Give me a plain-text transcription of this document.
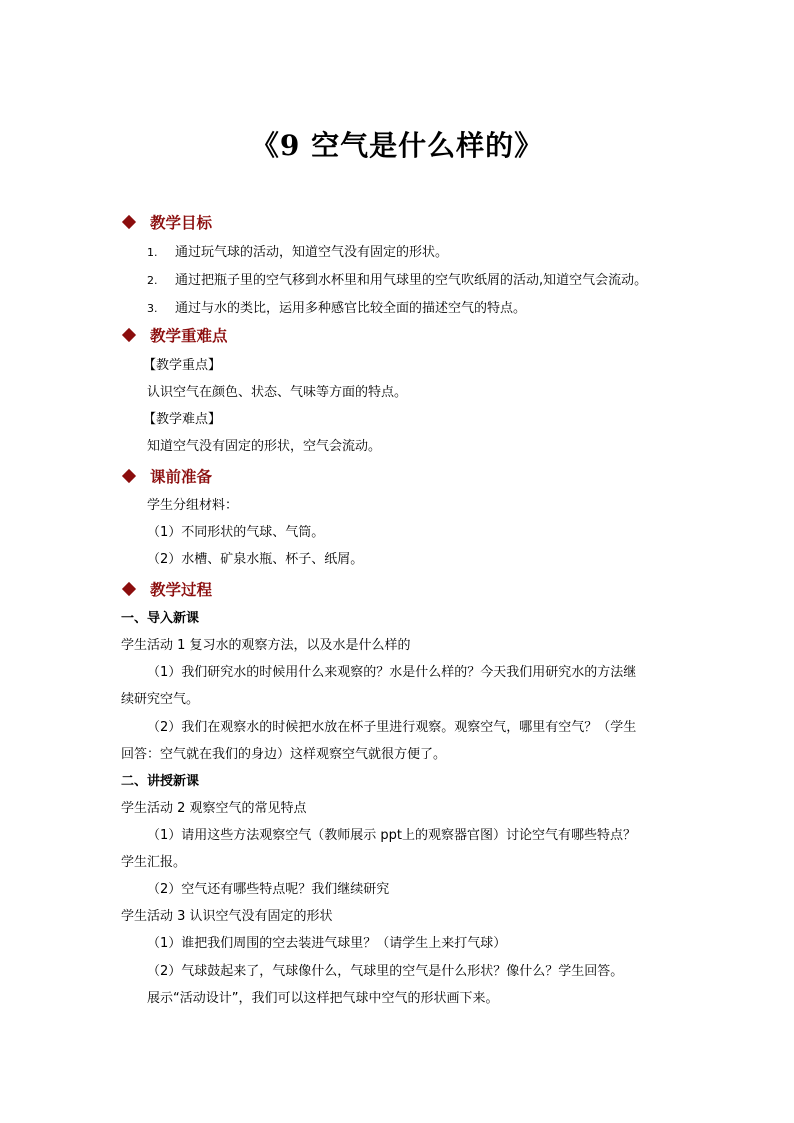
《9 空气是什么样的》
教学目标
1. 通过玩气球的活动，知道空气没有固定的形状。
2. 通过把瓶子里的空气移到水杯里和用气球里的空气吹纸屑的活动,知道空气会流动。
3. 通过与水的类比，运用多种感官比较全面的描述空气的特点。
教学重难点
【教学重点】
认识空气在颜色、状态、气味等方面的特点。
【教学难点】
知道空气没有固定的形状，空气会流动。
课前准备
学生分组材料：
（1）不同形状的气球、气筒。
（2）水槽、矿泉水瓶、杯子、纸屑。
教学过程
一、导入新课
学生活动 1 复习水的观察方法，以及水是什么样的
（1）我们研究水的时候用什么来观察的？水是什么样的？今天我们用研究水的方法继
续研究空气。
（2）我们在观察水的时候把水放在杯子里进行观察。观察空气，哪里有空气？（学生
回答：空气就在我们的身边）这样观察空气就很方便了。
二、讲授新课
学生活动 2 观察空气的常见特点
（1）请用这些方法观察空气（教师展示 ppt上的观察器官图）讨论空气有哪些特点？
学生汇报。
（2）空气还有哪些特点呢？我们继续研究
学生活动 3 认识空气没有固定的形状
（1）谁把我们周围的空去装进气球里？（请学生上来打气球）
（2）气球鼓起来了，气球像什么，气球里的空气是什么形状？像什么？学生回答。
展示“活动设计”，我们可以这样把气球中空气的形状画下来。
